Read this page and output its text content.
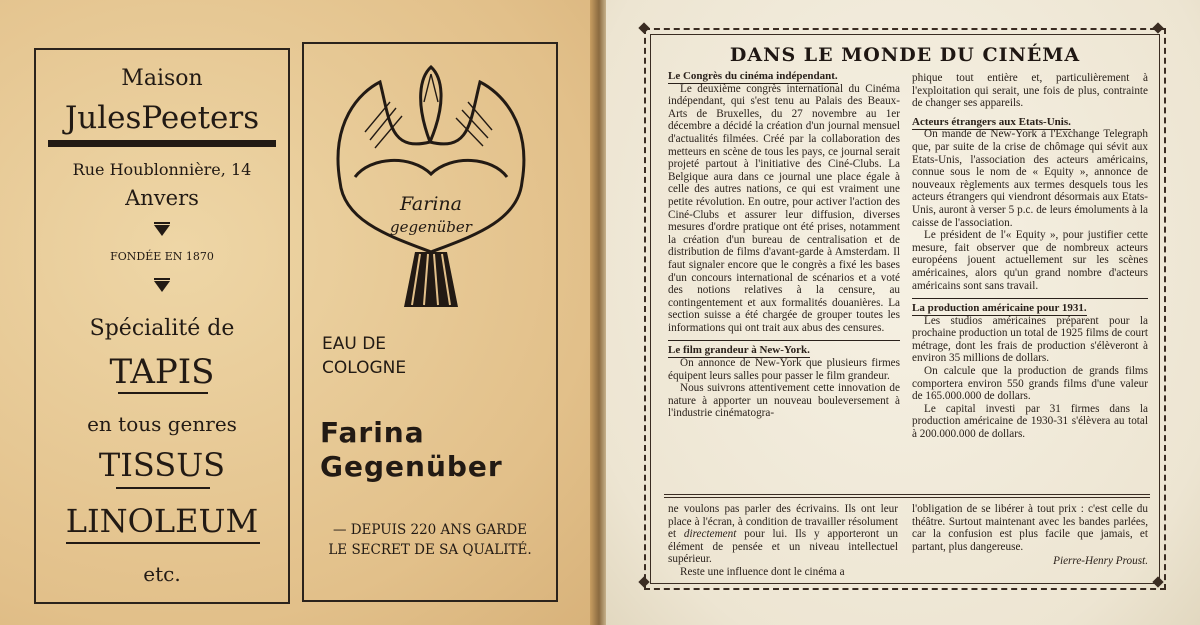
Maison
JulesPeeters
Rue Houblonnière, 14
Anvers
FONDÉE EN 1870
Spécialité de
TAPIS
en tous genres
TISSUS
LINOLEUM
etc.
Farina
gegenüber
EAU DE
COLOGNE
Farina
Gegenüber
— DEPUIS 220 ANS GARDE
LE SECRET DE SA QUALITÉ.
DANS LE MONDE DU CINÉMA

Le Congrès du cinéma indépendant.

Le deuxième congrès international du Cinéma indépendant, qui s'est tenu au Palais des Beaux-Arts de Bruxelles, du 27 novembre au 1er décembre a décidé la création d'un journal mensuel d'actualités filmées. Créé par la collaboration des metteurs en scène de tous les pays, ce journal serait projeté partout à l'initiative des Ciné-Clubs. La Belgique aura dans ce journal une place égale à celle des autres nations, ce qui est vraiment une petite révolution. En outre, pour activer l'action des Ciné-Clubs et assurer leur diffusion, diverses mesures d'ordre pratique ont été prises, notamment la création d'un bureau de centralisation et de distribution de films d'avant-garde à Amsterdam. Il faut signaler encore que le congrès a fixé les bases d'un concours international de scénarios et a voté des notions relatives à la censure, au contingentement et aux formalités douanières. La section suisse a été chargée de grouper toutes les informations qui ont trait aux abus des censures.

Le film grandeur à New-York.

On annonce de New-York que plusieurs firmes équipent leurs salles pour passer le film grandeur.

Nous suivrons attentivement cette innovation de nature à apporter un nouveau bouleversement à l'industrie cinématogra-

phique tout entière et, particulièrement à l'exploitation qui serait, une fois de plus, contrainte de changer ses appareils.

Acteurs étrangers aux Etats-Unis.

On mande de New-York à l'Exchange Telegraph que, par suite de la crise de chômage qui sévit aux Etats-Unis, l'association des acteurs américains, connue sous le nom de « Equity », annonce de nouveaux règlements aux termes desquels tous les acteurs étrangers qui viendront désormais aux Etats-Unis, auront à verser 5 p.c. de leurs émoluments à la caisse de l'association.

Le président de l'« Equity », pour justifier cette mesure, fait observer que de nombreux acteurs européens jouent actuellement sur les scènes américaines, alors qu'un grand nombre d'acteurs américains sont sans travail.

La production américaine pour 1931.

Les studios américaines préparent pour la prochaine production un total de 1925 films de court métrage, dont les frais de production s'élèveront à environ 35 millions de dollars.

On calcule que la production de grands films comportera environ 550 grands films d'une valeur de 165.000.000 de dollars.

Le capital investi par 31 firmes dans la production américaine de 1930-31 s'élèvera au total à 200.000.000 de dollars.

ne voulons pas parler des écrivains. Ils ont leur place à l'écran, à condition de travailler résolument et directement pour lui. Ils y apporteront un élément de pensée et un niveau intellectuel supérieur.

Reste une influence dont le cinéma a

l'obligation de se libérer à tout prix : c'est celle du théâtre. Surtout maintenant avec les bandes parlées, car la confusion est plus facile que jamais, et partant, plus dangereuse.

Pierre-Henry Proust.
